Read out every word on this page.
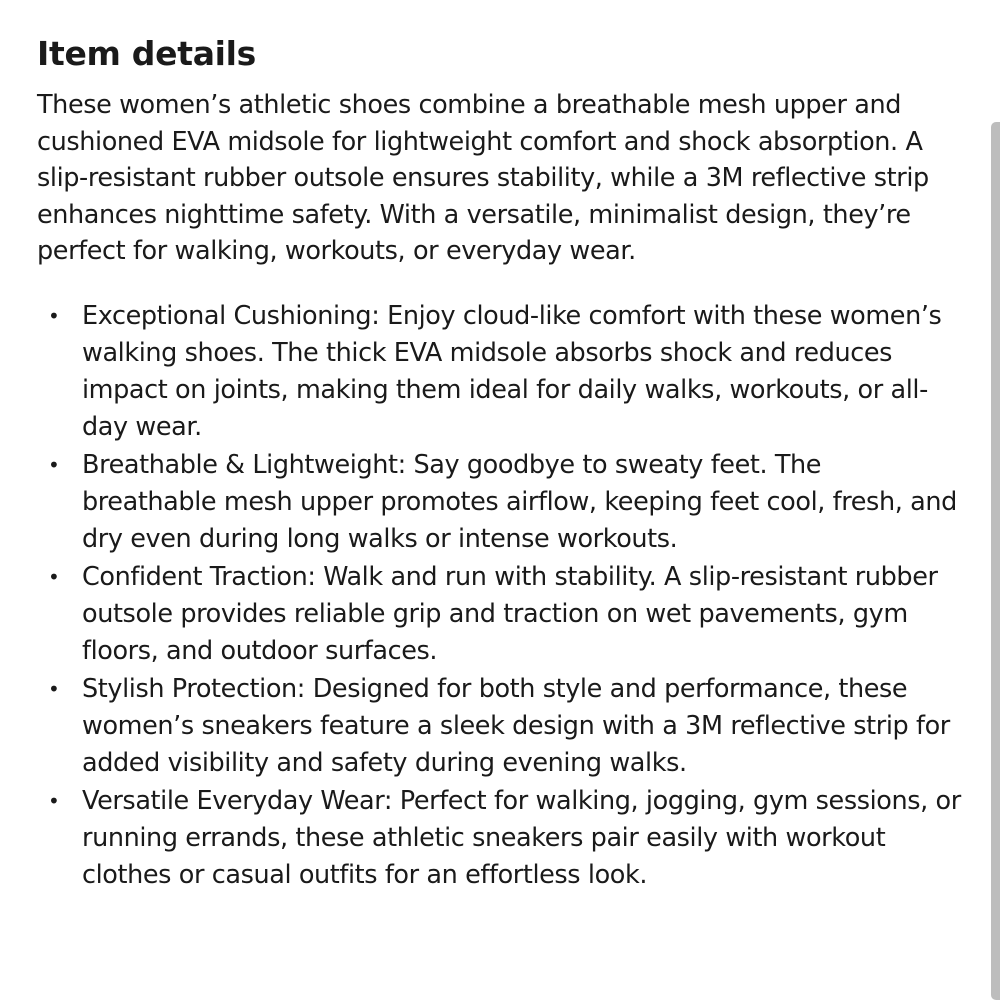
Item details

These women’s athletic shoes combine a breathable mesh upper and cushioned EVA midsole for lightweight comfort and shock absorption. A slip-resistant rubber outsole ensures stability, while a 3M reflective strip enhances nighttime safety. With a versatile, minimalist design, they’re perfect for walking, workouts, or everyday wear.

• Exceptional Cushioning: Enjoy cloud-like comfort with these women’s walking shoes. The thick EVA midsole absorbs shock and reduces impact on joints, making them ideal for daily walks, workouts, or all-day wear.
• Breathable & Lightweight: Say goodbye to sweaty feet. The breathable mesh upper promotes airflow, keeping feet cool, fresh, and dry even during long walks or intense workouts.
• Confident Traction: Walk and run with stability. A slip-resistant rubber outsole provides reliable grip and traction on wet pavements, gym floors, and outdoor surfaces.
• Stylish Protection: Designed for both style and performance, these women’s sneakers feature a sleek design with a 3M reflective strip for added visibility and safety during evening walks.
• Versatile Everyday Wear: Perfect for walking, jogging, gym sessions, or running errands, these athletic sneakers pair easily with workout clothes or casual outfits for an effortless look.
